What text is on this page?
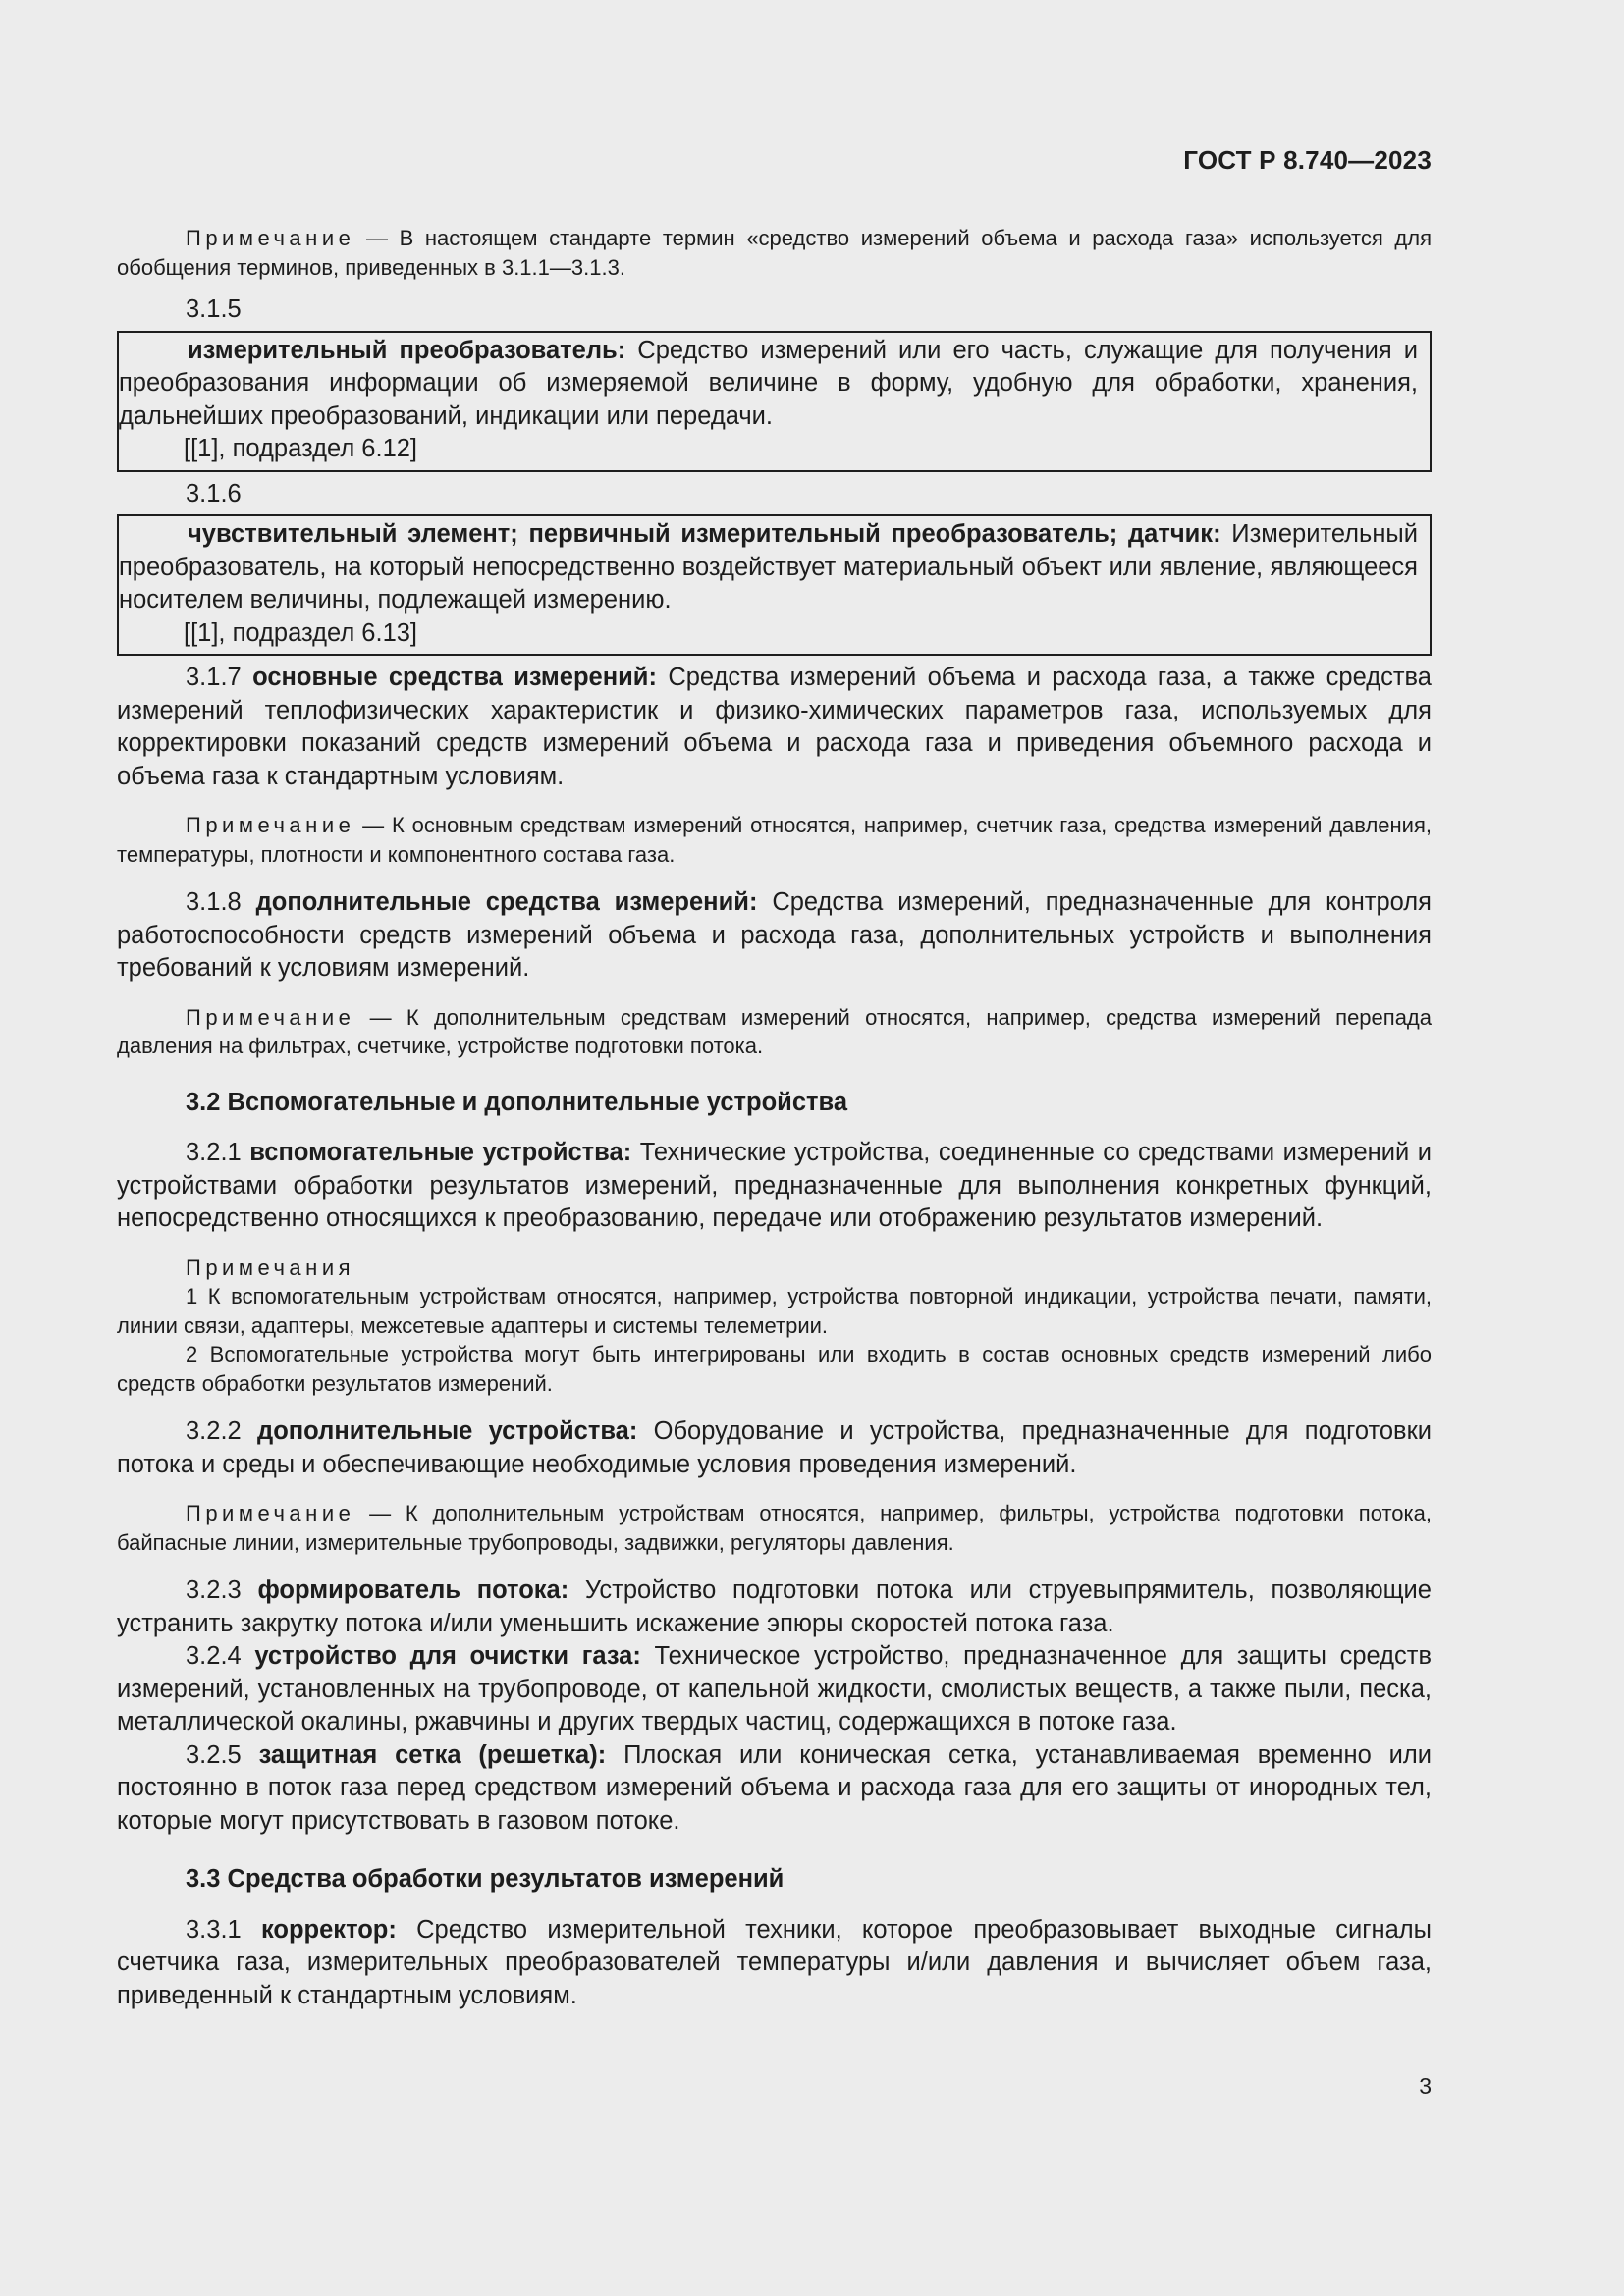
ГОСТ Р 8.740—2023

Примечание — В настоящем стандарте термин «средство измерений объема и расхода газа» используется для обобщения терминов, приведенных в 3.1.1—3.1.3.

3.1.5

измерительный преобразователь: Средство измерений или его часть, служащие для получения и преобразования информации об измеряемой величине в форму, удобную для обработки, хранения, дальнейших преобразований, индикации или передачи.

[[1], подраздел 6.12]
3.1.6

чувствительный элемент; первичный измерительный преобразователь; датчик: Измерительный преобразователь, на который непосредственно воздействует материальный объект или явление, являющееся носителем величины, подлежащей измерению.

[[1], подраздел 6.13]

3.1.7 основные средства измерений: Средства измерений объема и расхода газа, а также средства измерений теплофизических характеристик и физико-химических параметров газа, используемых для корректировки показаний средств измерений объема и расхода газа и приведения объемного расхода и объема газа к стандартным условиям.

Примечание — К основным средствам измерений относятся, например, счетчик газа, средства измерений давления, температуры, плотности и компонентного состава газа.

3.1.8 дополнительные средства измерений: Средства измерений, предназначенные для контроля работоспособности средств измерений объема и расхода газа, дополнительных устройств и выполнения требований к условиям измерений.

Примечание — К дополнительным средствам измерений относятся, например, средства измерений перепада давления на фильтрах, счетчике, устройстве подготовки потока.

3.2 Вспомогательные и дополнительные устройства

3.2.1 вспомогательные устройства: Технические устройства, соединенные со средствами измерений и устройствами обработки результатов измерений, предназначенные для выполнения конкретных функций, непосредственно относящихся к преобразованию, передаче или отображению результатов измерений.

Примечания

1 К вспомогательным устройствам относятся, например, устройства повторной индикации, устройства печати, памяти, линии связи, адаптеры, межсетевые адаптеры и системы телеметрии.

2 Вспомогательные устройства могут быть интегрированы или входить в состав основных средств измерений либо средств обработки результатов измерений.

3.2.2 дополнительные устройства: Оборудование и устройства, предназначенные для подготовки потока и среды и обеспечивающие необходимые условия проведения измерений.

Примечание — К дополнительным устройствам относятся, например, фильтры, устройства подготовки потока, байпасные линии, измерительные трубопроводы, задвижки, регуляторы давления.

3.2.3 формирователь потока: Устройство подготовки потока или струевыпрямитель, позволяющие устранить закрутку потока и/или уменьшить искажение эпюры скоростей потока газа.

3.2.4 устройство для очистки газа: Техническое устройство, предназначенное для защиты средств измерений, установленных на трубопроводе, от капельной жидкости, смолистых веществ, а также пыли, песка, металлической окалины, ржавчины и других твердых частиц, содержащихся в потоке газа.

3.2.5 защитная сетка (решетка): Плоская или коническая сетка, устанавливаемая временно или постоянно в поток газа перед средством измерений объема и расхода газа для его защиты от инородных тел, которые могут присутствовать в газовом потоке.

3.3 Средства обработки результатов измерений

3.3.1 корректор: Средство измерительной техники, которое преобразовывает выходные сигналы счетчика газа, измерительных преобразователей температуры и/или давления и вычисляет объем газа, приведенный к стандартным условиям.

3
